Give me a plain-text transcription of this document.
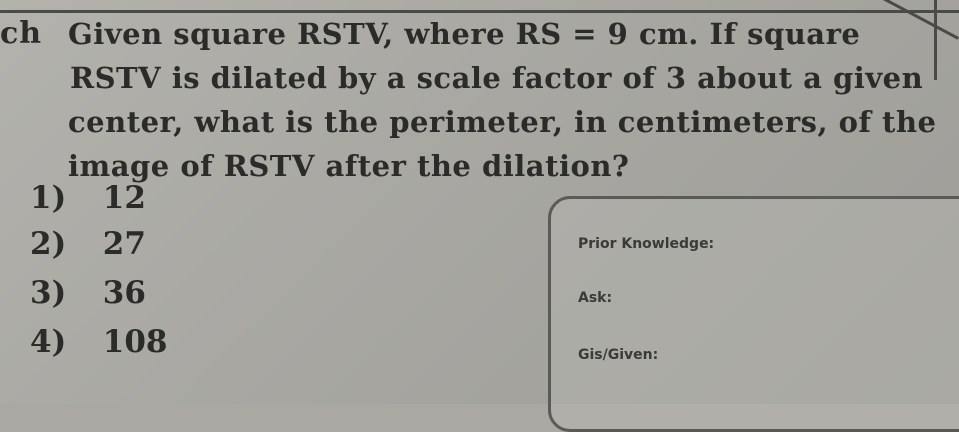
ch Given square RSTV, where RS = 9 cm. If square
RSTV is dilated by a scale factor of 3 about a given
center, what is the perimeter, in centimeters, of the
image of RSTV after the dilation?
1) 12
2) 27
3) 36
4) 108
Prior Knowledge:
Ask:
Gis/Given:
